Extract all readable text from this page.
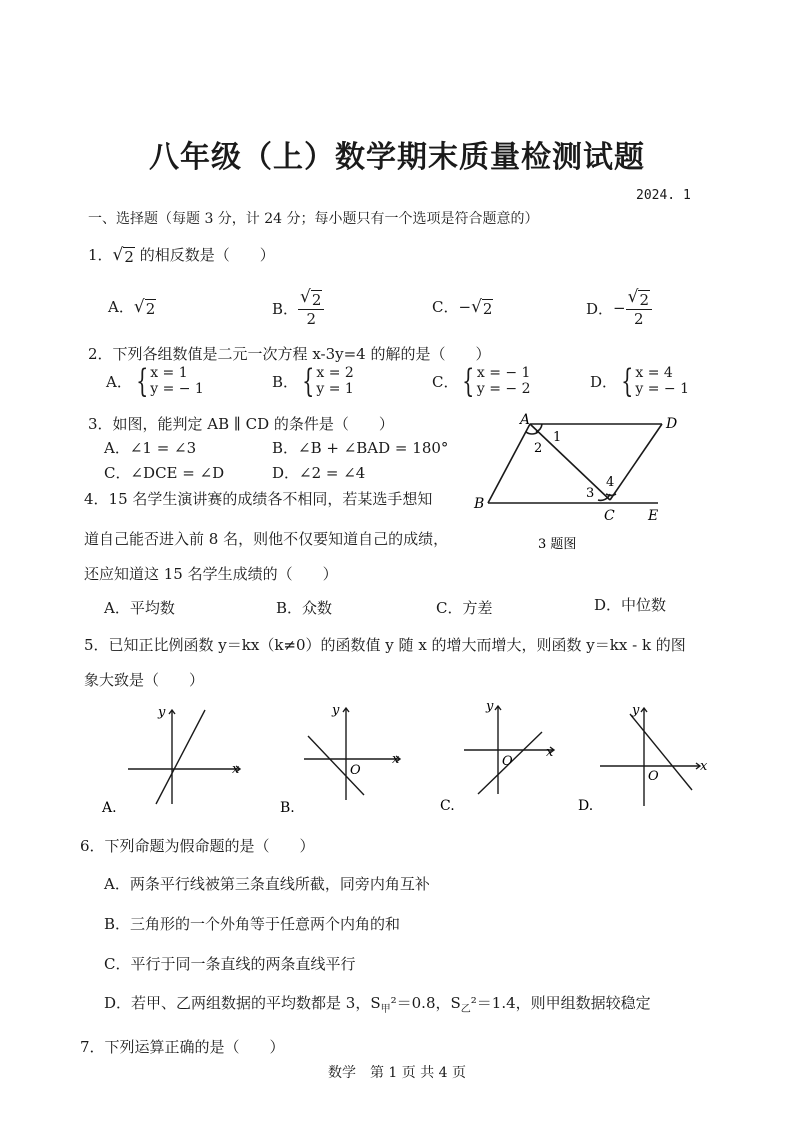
八年级（上）数学期末质量检测试题
2024. 1
一、选择题（每题 3 分，计 24 分；每小题只有一个选项是符合题意的）
1． √ 2 的相反数是（　　）
A． √ 2	B． $\frac{√ 2}{2}$	C．− √ 2	D． − $\frac{√ 2}{2}$
2．下列各组数值是二元一次方程 x-3y=4 的解的是（　　）
A． { x = 1
y = − 1	B． { x = 2
y = 1	C． { x = − 1
y = − 2	D． { x = 4
y = − 1
3．如图，能判定 AB ∥ CD 的条件是（　　）
A．∠1 = ∠3	B．∠B + ∠BAD = 180°
C．∠DCE = ∠D	D．∠2 = ∠4
A	D
B
C E
1
2
3
4
3 题图
4．15 名学生演讲赛的成绩各不相同，若某选手想知
道自己能否进入前 8 名，则他不仅要知道自己的成绩，
还应知道这 15 名学生成绩的（　　）
A．平均数	B．众数	C．方差	D．中位数
5．已知正比例函数 y＝kx（k≠0）的函数值 y 随 x 的增大而增大，则函数 y＝kx - k 的图
象大致是（　　）
x
y
A.
x
y
O
B.
x
y
O
C.
x
y
O
D.
6．下列命题为假命题的是（　　）
A．两条平行线被第三条直线所截，同旁内角互补
B．三角形的一个外角等于任意两个内角的和
C．平行于同一条直线的两条直线平行
D．若甲、乙两组数据的平均数都是 3，$S_甲^2=0.8$，$S_乙^2=1.4$，则甲组数据较稳定
7．下列运算正确的是（　　）
数学　第 1 页 共 4 页
